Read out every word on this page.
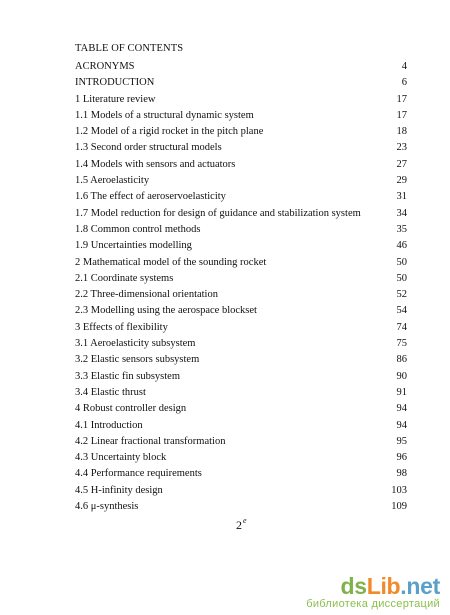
TABLE OF CONTENTS
ACRONYMS	4
INTRODUCTION	6
1 Literature review	17
1.1 Models of a structural dynamic system	17
1.2 Model of a rigid rocket in the pitch plane	18
1.3 Second order structural models	23
1.4 Models with sensors and actuators	27
1.5 Aeroelasticity	29
1.6 The effect of aeroservoelasticity	31
1.7 Model reduction for design of guidance and stabilization system	34
1.8 Common control methods	35
1.9 Uncertainties modelling	46
2 Mathematical model of the sounding rocket	50
2.1 Coordinate systems	50
2.2 Three-dimensional orientation	52
2.3 Modelling using the aerospace blockset	54
3 Effects of flexibility	74
3.1 Aeroelasticity subsystem	75
3.2 Elastic sensors subsystem	86
3.3 Elastic fin subsystem	90
3.4 Elastic thrust	91
4 Robust controller design	94
4.1 Introduction	94
4.2 Linear fractional transformation	95
4.3 Uncertainty block	96
4.4 Performance requirements	98
4.5 H-infinity design	103
4.6 μ-synthesis	109
2e
dsLib.net
библиотека диссертаций
